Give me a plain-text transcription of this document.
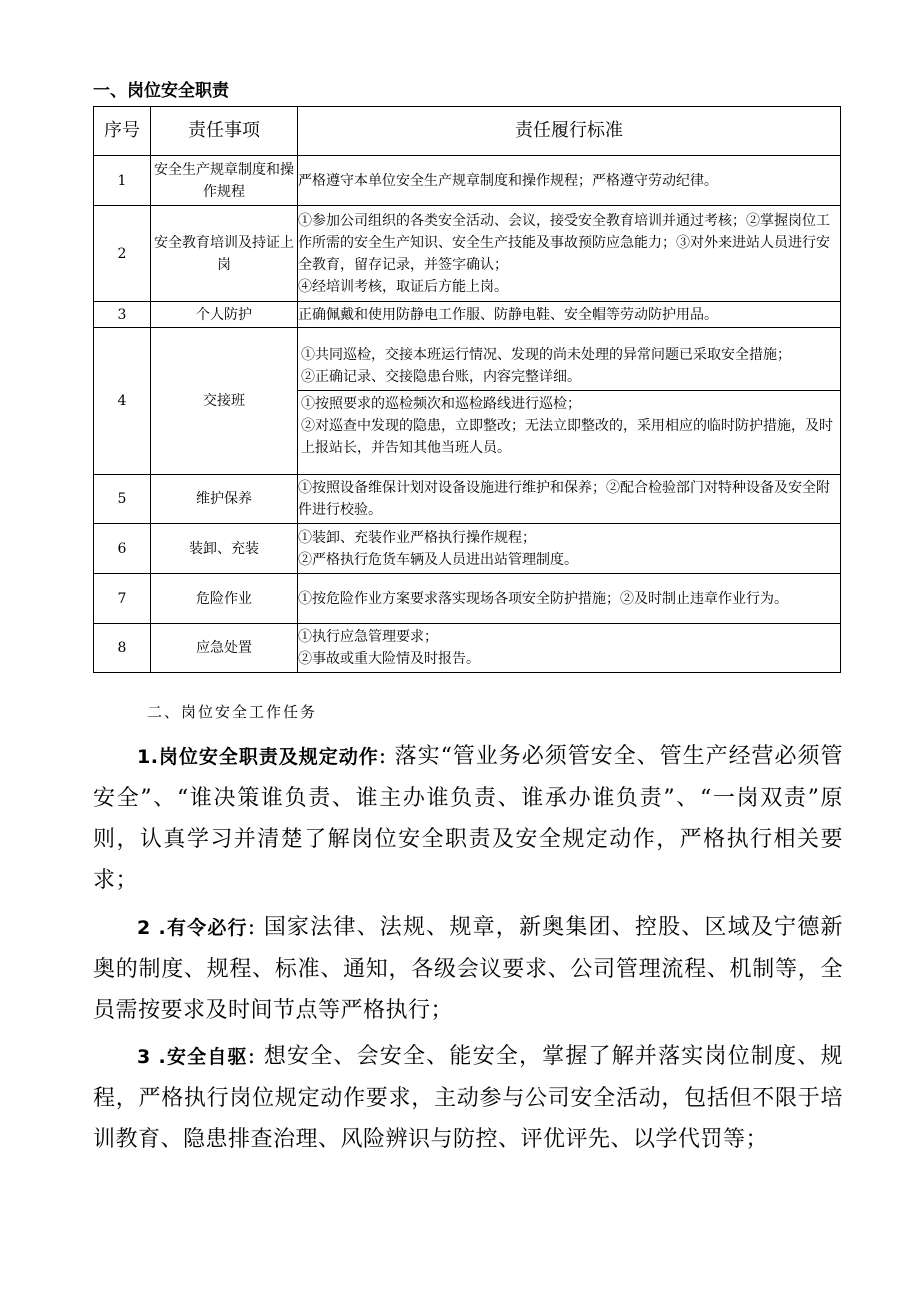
一、岗位安全职责
序号	责任事项	责任履行标准
1	安全生产规章制度和操作规程	严格遵守本单位安全生产规章制度和操作规程；严格遵守劳动纪律。
2	安全教育培训及持证上岗	①参加公司组织的各类安全活动、会议，接受安全教育培训并通过考核；②掌握岗位工作所需的安全生产知识、安全生产技能及事故预防应急能力；③对外来进站人员进行安全教育，留存记录，并签字确认；
④经培训考核，取证后方能上岗。

3	个人防护	正确佩戴和使用防静电工作服、防静电鞋、安全帽等劳动防护用品。
4	交接班	①共同巡检，交接本班运行情况、发现的尚未处理的异常问题已采取安全措施；
②正确记录、交接隐患台账，内容完整详细。
①按照要求的巡检频次和巡检路线进行巡检；
②对巡查中发现的隐患，立即整改；无法立即整改的，采用相应的临时防护措施，及时上报站长，并告知其他当班人员。

5	维护保养	①按照设备维保计划对设备设施进行维护和保养；②配合检验部门对特种设备及安全附件进行校验。
6	装卸、充装	①装卸、充装作业严格执行操作规程；
②严格执行危货车辆及人员进出站管理制度。

7	危险作业	①按危险作业方案要求落实现场各项安全防护措施；②及时制止违章作业行为。
8	应急处置	①执行应急管理要求；
②事故或重大险情及时报告。
二、岗位安全工作任务
1.岗位安全职责及规定动作: 落实“管业务必须管安全、管生产经营必须管安全”、“谁决策谁负责、谁主办谁负责、谁承办谁负责”、“一岗双责”原则，认真学习并清楚了解岗位安全职责及安全规定动作，严格执行相关要求；
2 .有令必行: 国家法律、法规、规章，新奥集团、控股、区域及宁德新奥的制度、规程、标准、通知，各级会议要求、公司管理流程、机制等，全员需按要求及时间节点等严格执行；
3 .安全自驱: 想安全、会安全、能安全，掌握了解并落实岗位制度、规程，严格执行岗位规定动作要求，主动参与公司安全活动，包括但不限于培训教育、隐患排查治理、风险辨识与防控、评优评先、以学代罚等；
